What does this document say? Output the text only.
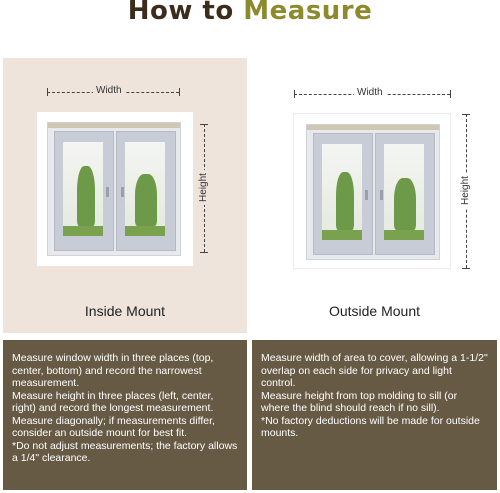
How to Measure
Width
Height
Inside Mount
Width
Height
Outside Mount

Measure window width in three places (top, center, bottom) and record the narrowest measurement.

Measure height in three places (left, center, right) and record the longest measurement.

Measure diagonally; if measurements differ, consider an outside mount for best fit.

*Do not adjust measurements; the factory allows a 1/4" clearance.

Measure width of area to cover, allowing a 1-1/2" overlap on each side for privacy and light control.

Measure height from top molding to sill (or where the blind should reach if no sill).

*No factory deductions will be made for outside mounts.
